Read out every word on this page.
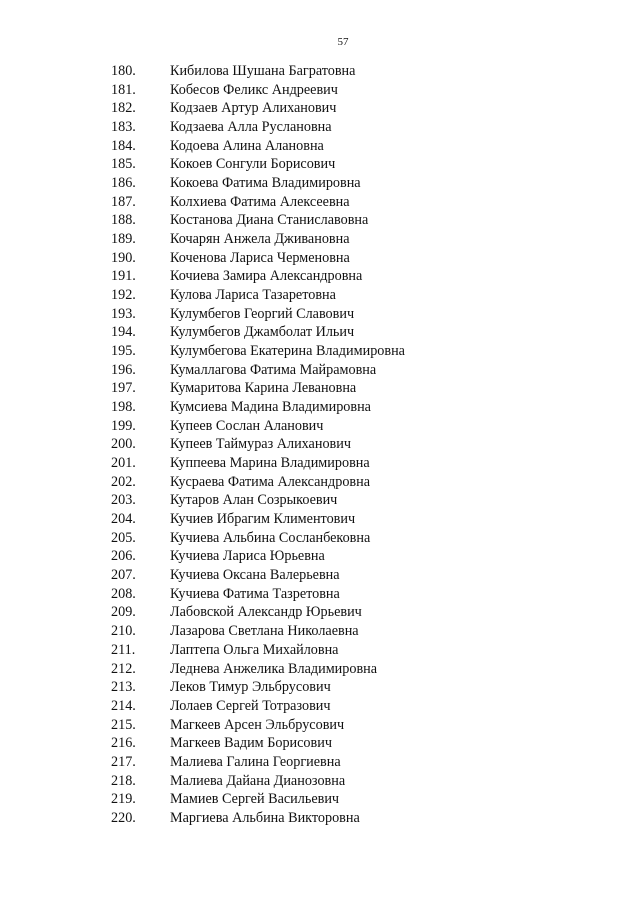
57
180. Кибилова Шушана Багратовна
181. Кобесов Феликс Андреевич
182. Кодзаев Артур Алиханович
183. Кодзаева Алла Руслановна
184. Кодоева Алина Алановна
185. Кокоев Сонгули Борисович
186. Кокоева Фатима Владимировна
187. Колхиева Фатима Алексеевна
188. Костанова Диана Станиславовна
189. Кочарян Анжела Дживановна
190. Коченова Лариса Черменовна
191. Кочиева Замира Александровна
192. Кулова Лариса Тазаретовна
193. Кулумбегов Георгий Славович
194. Кулумбегов Джамболат Ильич
195. Кулумбегова Екатерина Владимировна
196. Кумаллагова Фатима Майрамовна
197. Кумаритова Карина Левановна
198. Кумсиева Мадина Владимировна
199. Купеев Сослан Аланович
200. Купеев Таймураз Алиханович
201. Куппеева Марина Владимировна
202. Кусраева Фатима Александровна
203. Кутаров Алан Созрыкоевич
204. Кучиев Ибрагим Климентович
205. Кучиева Альбина Сосланбековна
206. Кучиева Лариса Юрьевна
207. Кучиева Оксана Валерьевна
208. Кучиева Фатима Тазретовна
209. Лабовской Александр Юрьевич
210. Лазарова Светлана Николаевна
211. Лаптепа Ольга Михайловна
212. Леднева Анжелика Владимировна
213. Леков Тимур Эльбрусович
214. Лолаев Сергей Тотразович
215. Магкеев Арсен Эльбрусович
216. Магкеев Вадим Борисович
217. Малиева Галина Георгиевна
218. Малиева Дайана Дианозовна
219. Мамиев Сергей Васильевич
220. Маргиева Альбина Викторовна
